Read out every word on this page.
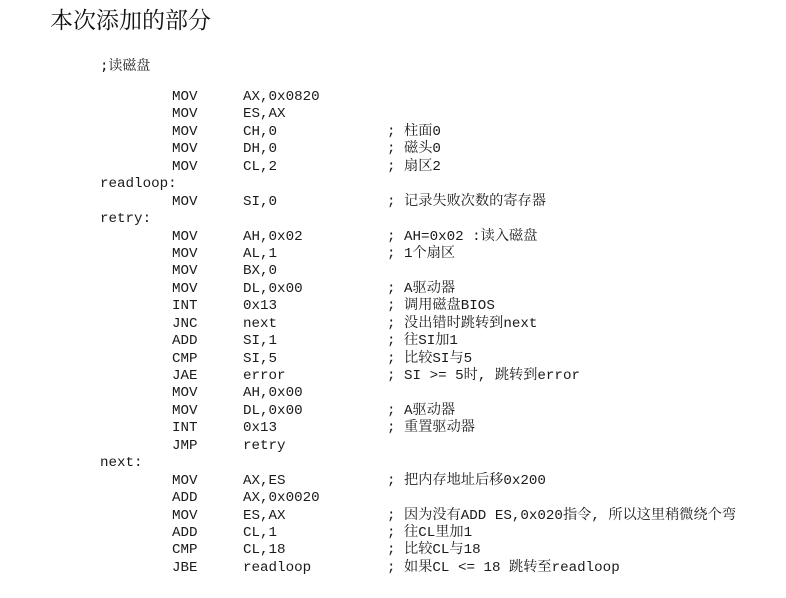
本次添加的部分
;读磁盘
MOV	AX,0x0820
MOV	ES,AX
MOV	CH,0	; 柱面0
MOV	DH,0	; 磁头0
MOV	CL,2	; 扇区2
readloop:
MOV	SI,0	; 记录失败次数的寄存器
retry:
MOV	AH,0x02	; AH=0x02 :读入磁盘
MOV	AL,1	; 1个扇区
MOV	BX,0
MOV	DL,0x00	; A驱动器
INT	0x13	; 调用磁盘BIOS
JNC	next	; 没出错时跳转到next
ADD	SI,1	; 往SI加1
CMP	SI,5	; 比较SI与5
JAE	error	; SI >= 5时, 跳转到error
MOV	AH,0x00
MOV	DL,0x00	; A驱动器
INT	0x13	; 重置驱动器
JMP	retry
next:
MOV	AX,ES	; 把内存地址后移0x200
ADD	AX,0x0020
MOV	ES,AX	; 因为没有ADD ES,0x020指令, 所以这里稍微绕个弯
ADD	CL,1	; 往CL里加1
CMP	CL,18	; 比较CL与18
JBE	readloop	; 如果CL <= 18 跳转至readloop
